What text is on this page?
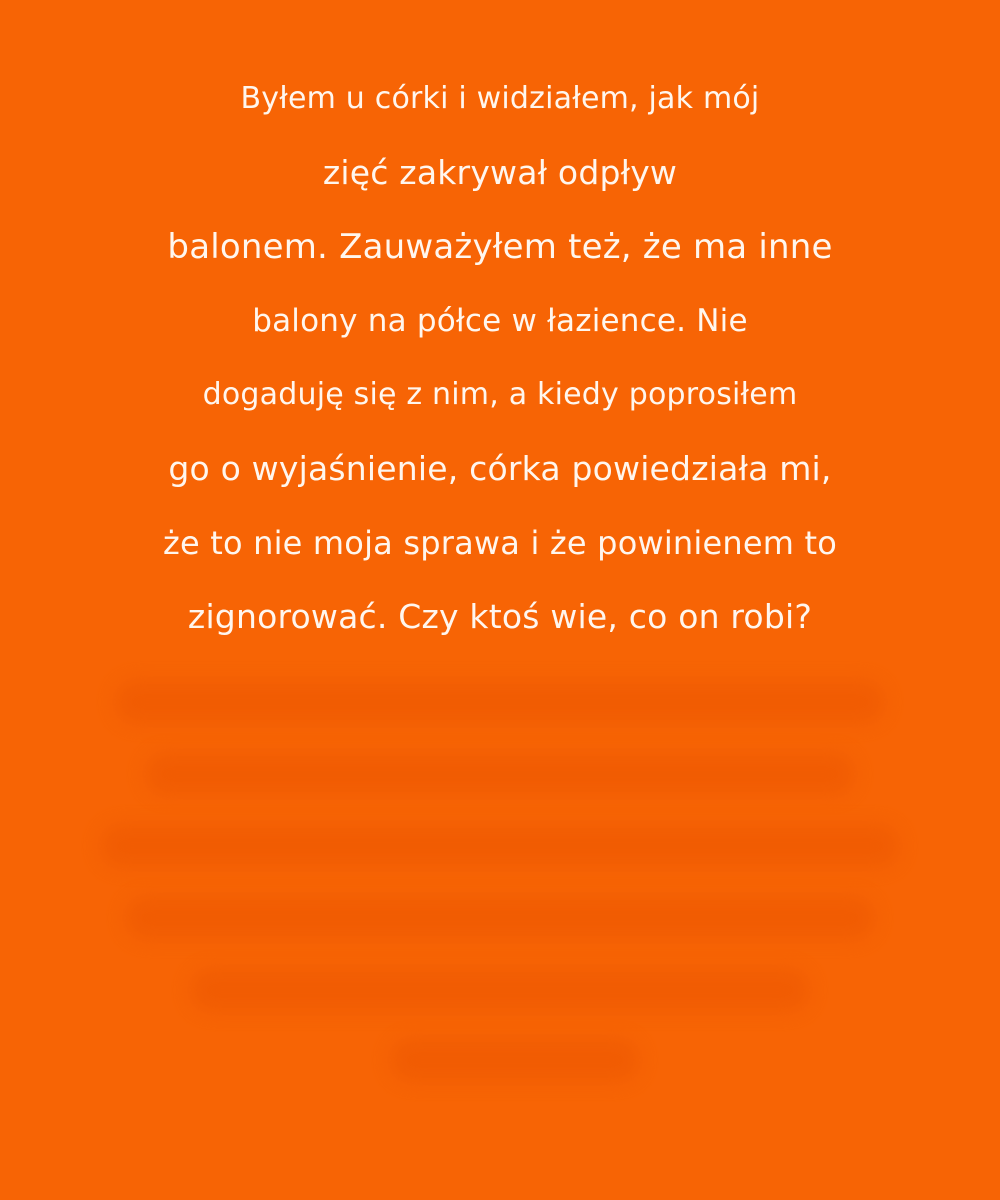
Byłem u córki i widziałem, jak mój
zięć zakrywał odpływ
balonem. Zauważyłem też, że ma inne
balony na półce w łazience. Nie
dogaduję się z nim, a kiedy poprosiłem
go o wyjaśnienie, córka powiedziała mi,
że to nie moja sprawa i że powinienem to
zignorować. Czy ktoś wie, co on robi?
